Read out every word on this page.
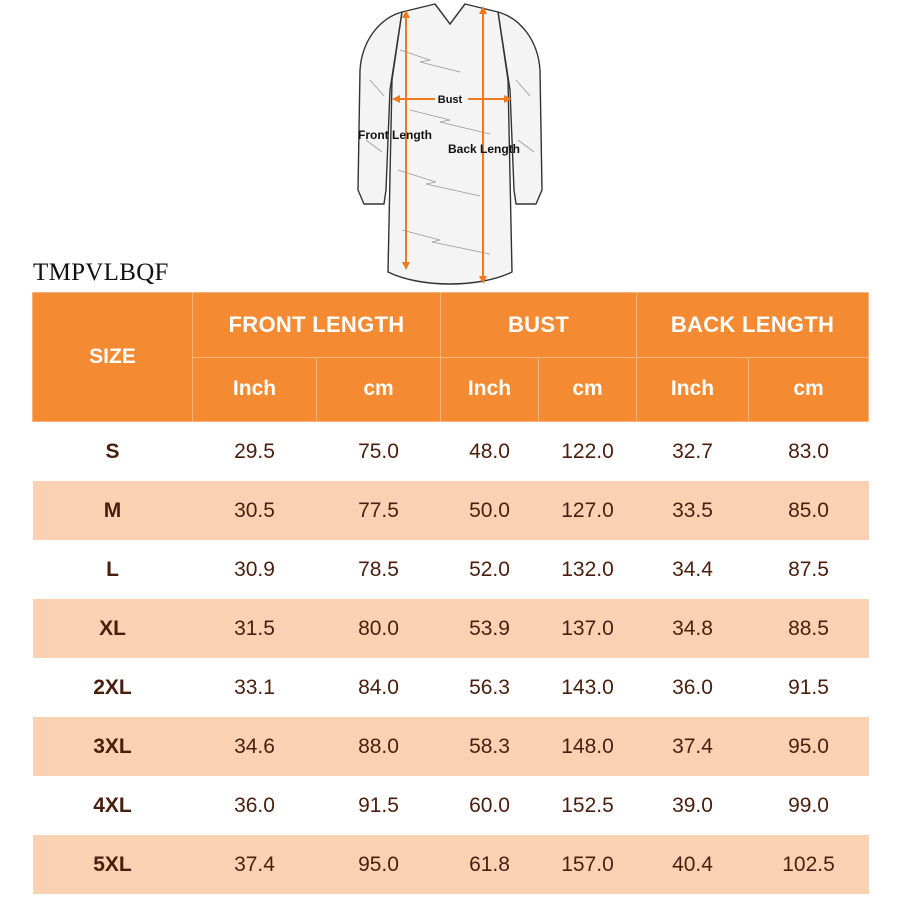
Bust
Front Length
Back Length
TMPVLBQF
SIZE	FRONT LENGTH		BUST		BACK LENGTH	
	Inch	cm	Inch	cm	Inch	cm
S	29.5	75.0	48.0	122.0	32.7	83.0
M	30.5	77.5	50.0	127.0	33.5	85.0
L	30.9	78.5	52.0	132.0	34.4	87.5
XL	31.5	80.0	53.9	137.0	34.8	88.5
2XL	33.1	84.0	56.3	143.0	36.0	91.5
3XL	34.6	88.0	58.3	148.0	37.4	95.0
4XL	36.0	91.5	60.0	152.5	39.0	99.0
5XL	37.4	95.0	61.8	157.0	40.4	102.5
